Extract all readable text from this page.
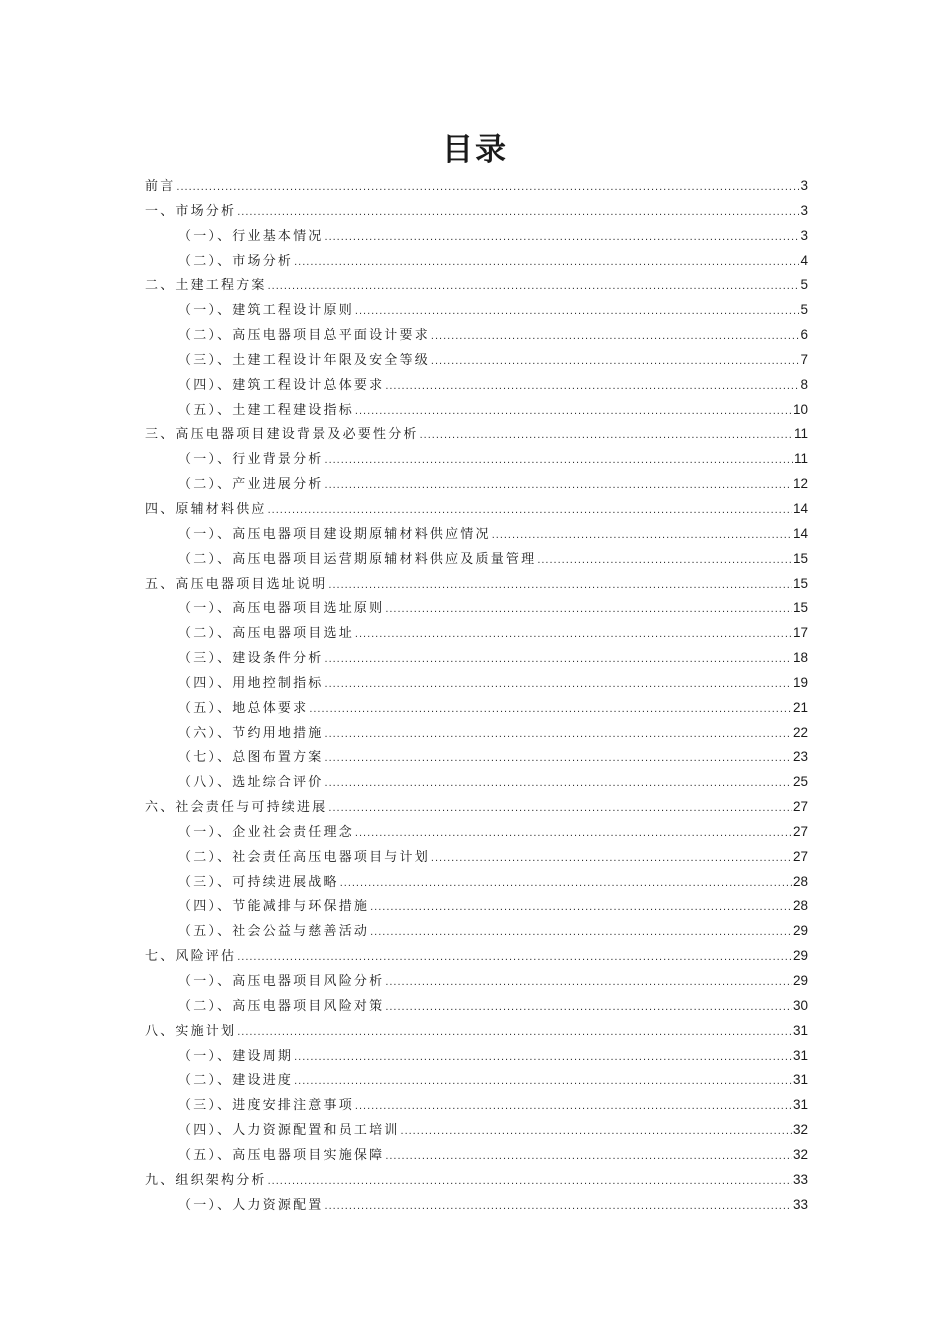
目录
前言 .....	3
一、市场分析 .....	3
（一）、行业基本情况 .....	3
（二）、市场分析 .....	4
二、土建工程方案 .....	5
（一）、建筑工程设计原则 .....	5
（二）、高压电器项目总平面设计要求 .....	6
（三）、土建工程设计年限及安全等级 .....	7
（四）、建筑工程设计总体要求 .....	8
（五）、土建工程建设指标 .....	10
三、高压电器项目建设背景及必要性分析 .....	11
（一）、行业背景分析 .....	11
（二）、产业进展分析 .....	12
四、原辅材料供应 .....	14
（一）、高压电器项目建设期原辅材料供应情况 .....	14
（二）、高压电器项目运营期原辅材料供应及质量管理 .....	15
五、高压电器项目选址说明 .....	15
（一）、高压电器项目选址原则 .....	15
（二）、高压电器项目选址 .....	17
（三）、建设条件分析 .....	18
（四）、用地控制指标 .....	19
（五）、地总体要求 .....	21
（六）、节约用地措施 .....	22
（七）、总图布置方案 .....	23
（八）、选址综合评价 .....	25
六、社会责任与可持续进展 .....	27
（一）、企业社会责任理念 .....	27
（二）、社会责任高压电器项目与计划 .....	27
（三）、可持续进展战略 .....	28
（四）、节能减排与环保措施 .....	28
（五）、社会公益与慈善活动 .....	29
七、风险评估 .....	29
（一）、高压电器项目风险分析 .....	29
（二）、高压电器项目风险对策 .....	30
八、实施计划 .....	31
（一）、建设周期 .....	31
（二）、建设进度 .....	31
（三）、进度安排注意事项 .....	31
（四）、人力资源配置和员工培训 .....	32
（五）、高压电器项目实施保障 .....	32
九、组织架构分析 .....	33
（一）、人力资源配置 .....	33
